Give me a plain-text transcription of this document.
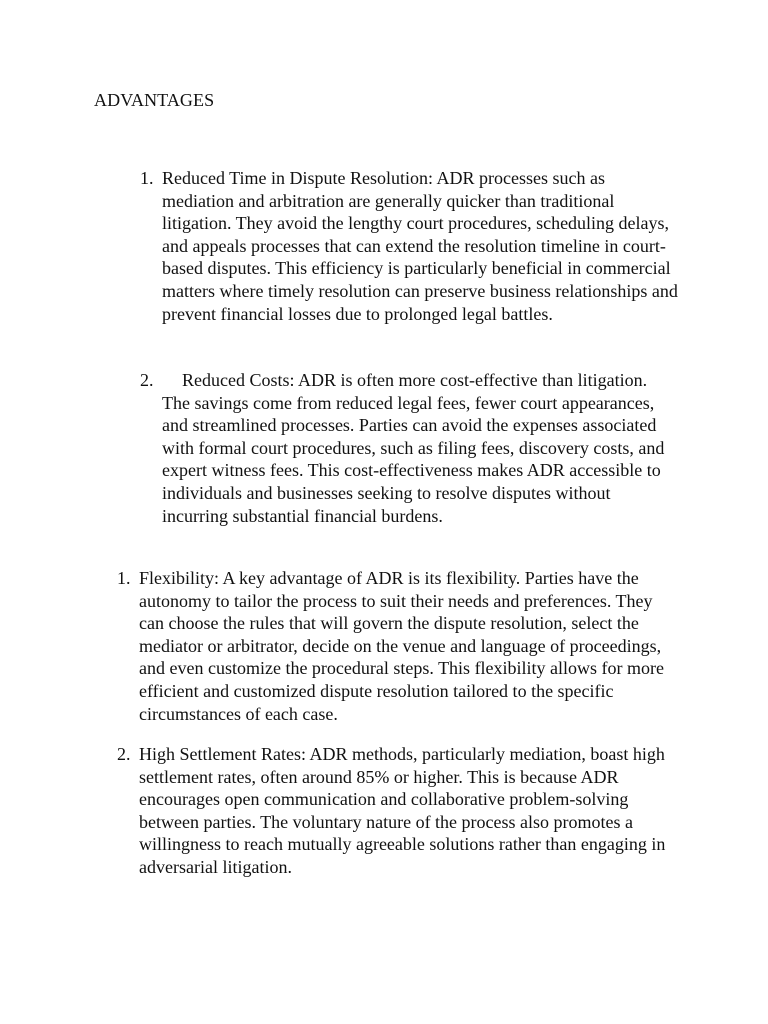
ADVANTAGES
1. Reduced Time in Dispute Resolution: ADR processes such as mediation and arbitration are generally quicker than traditional litigation. They avoid the lengthy court procedures, scheduling delays, and appeals processes that can extend the resolution timeline in court-based disputes. This efficiency is particularly beneficial in commercial matters where timely resolution can preserve business relationships and prevent financial losses due to prolonged legal battles.
2.	Reduced Costs: ADR is often more cost-effective than litigation. The savings come from reduced legal fees, fewer court appearances, and streamlined processes. Parties can avoid the expenses associated with formal court procedures, such as filing fees, discovery costs, and expert witness fees. This cost-effectiveness makes ADR accessible to individuals and businesses seeking to resolve disputes without incurring substantial financial burdens.
1. Flexibility: A key advantage of ADR is its flexibility. Parties have the autonomy to tailor the process to suit their needs and preferences. They can choose the rules that will govern the dispute resolution, select the mediator or arbitrator, decide on the venue and language of proceedings, and even customize the procedural steps. This flexibility allows for more efficient and customized dispute resolution tailored to the specific circumstances of each case.
2. High Settlement Rates: ADR methods, particularly mediation, boast high settlement rates, often around 85% or higher. This is because ADR encourages open communication and collaborative problem-solving between parties. The voluntary nature of the process also promotes a willingness to reach mutually agreeable solutions rather than engaging in adversarial litigation.
